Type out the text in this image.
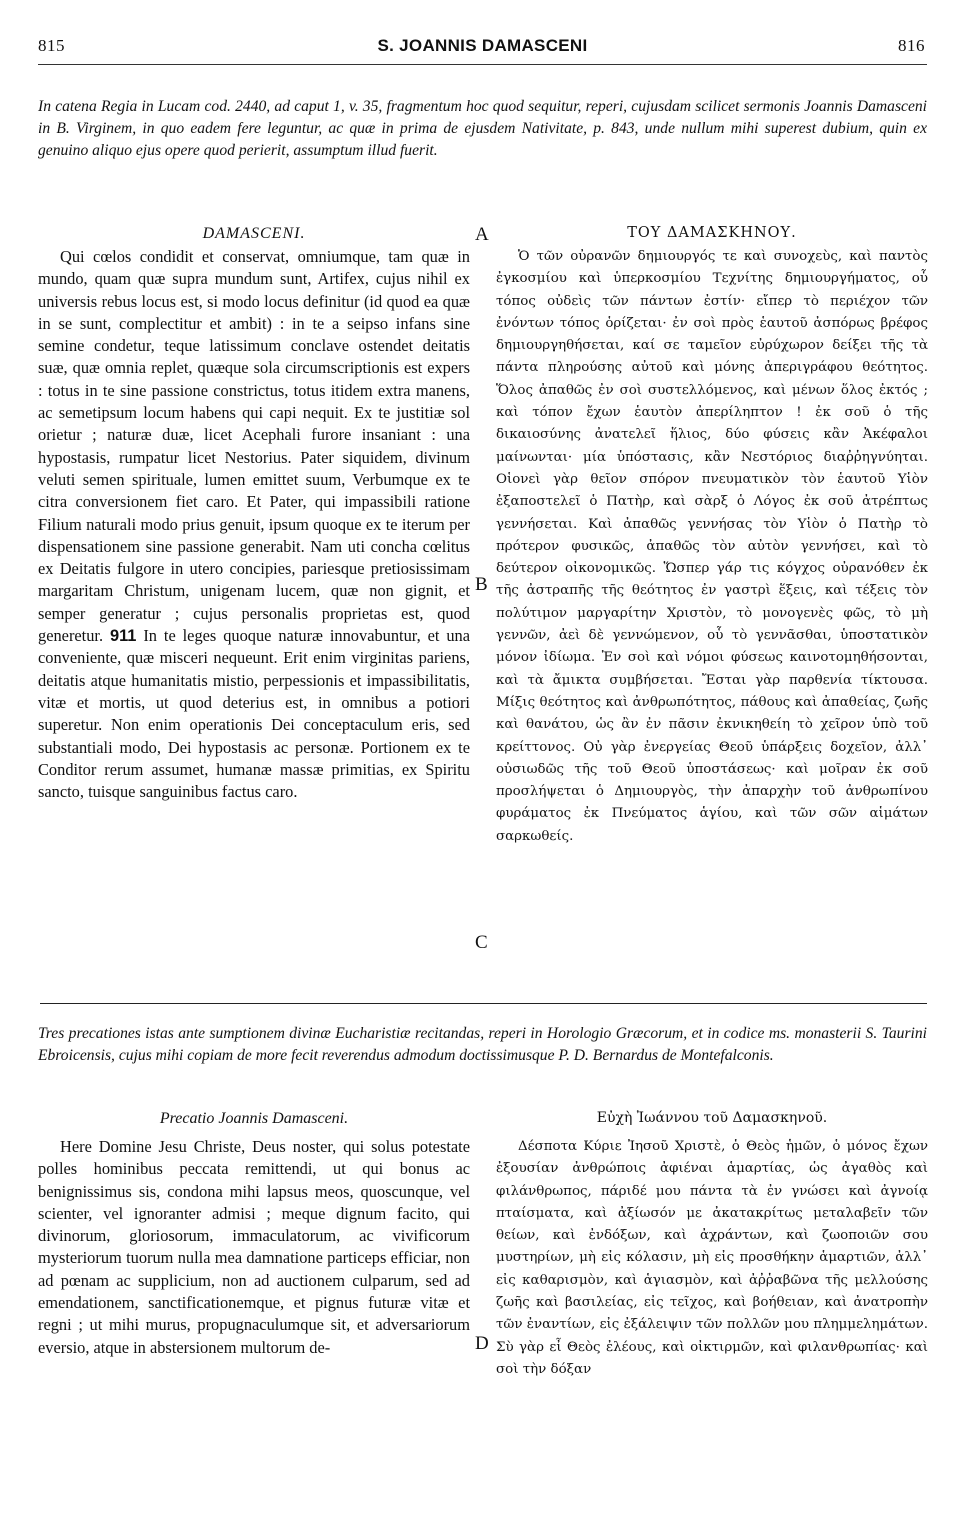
815	S. JOANNIS DAMASCENI	816
In catena Regia in Lucam cod. 2440, ad caput 1, v. 35, fragmentum hoc quod sequitur, reperi, cujusdam scilicet sermonis Joannis Damasceni in B. Virginem, in quo eadem fere leguntur, ac quæ in prima de ejusdem Nativitate, p. 843, unde nullum mihi superest dubium, quin ex genuino aliquo ejus opere quod perierit, assumptum illud fuerit.
DAMASCENI.	ΤΟΥ ΔΑΜΑΣΚΗΝΟΥ.

Qui cœlos condidit et conservat, omniumque, tam quæ in mundo, quam quæ supra mundum sunt, Artifex, cujus nihil ex universis rebus locus est, si modo locus definitur (id quod ea quæ in se sunt, complectitur et ambit) : in te a seipso infans sine semine condetur, teque latissimum conclave ostendet deitatis suæ, quæ omnia replet, quæque sola circumscriptionis est expers : totus in te sine passione constrictus, totus itidem extra manens, ac semetipsum locum habens qui capi nequit. Ex te justitiæ sol orietur ; naturæ duæ, licet Acephali furore insaniant : una hypostasis, rumpatur licet Nestorius. Pater siquidem, divinum veluti semen spirituale, lumen emittet suum, Verbumque ex te citra conversionem fiet caro. Et Pater, qui impassibili ratione Filium naturali modo prius genuit, ipsum quoque ex te iterum per dispensationem sine passione generabit. Nam uti concha cœlitus ex Deitatis fulgore in utero concipies, pariesque pretiosissimam margaritam Christum, unigenam lucem, quæ non gignit, et semper generatur ; cujus personalis proprietas est, quod generetur. 911 In te leges quoque naturæ innovabuntur, et una conveniente, quæ misceri nequeunt. Erit enim virginitas pariens, deitatis atque humanitatis mistio, perpessionis et impassibilitatis, vitæ et mortis, ut quod deterius est, in omnibus a potiori superetur. Non enim operationis Dei conceptaculum eris, sed substantiali modo, Dei hypostasis ac personæ. Portionem ex te Conditor rerum assumet, humanæ massæ primitias, ex Spiritu sancto, tuisque sanguinibus factus caro.

Ὁ τῶν οὐρανῶν δημιουργός τε καὶ συνοχεὺς, καὶ παντὸς ἐγκοσμίου καὶ ὑπερκοσμίου Τεχνίτης δημιουργήματος, οὗ τόπος οὐδεὶς τῶν πάντων ἐστίν· εἴπερ τὸ περιέχον τῶν ἐνόντων τόπος ὁρίζεται· ἐν σοὶ πρὸς ἑαυτοῦ ἀσπόρως βρέφος δημιουργηθήσεται, καί σε ταμεῖον εὐρύχωρον δείξει τῆς τὰ πάντα πληρούσης αὐτοῦ καὶ μόνης ἀπεριγράφου θεότητος. Ὅλος ἀπαθῶς ἐν σοὶ συστελλόμενος, καὶ μένων ὅλος ἐκτός ; καὶ τόπον ἔχων ἑαυτὸν ἀπερίληπτον ! ἐκ σοῦ ὁ τῆς δικαιοσύνης ἀνατελεῖ ἥλιος, δύο φύσεις κἂν Ἀκέφαλοι μαίνωνται· μία ὑπόστασις, κἂν Νεστόριος διαῤῥηγνύηται. Οἱονεὶ γὰρ θεῖον σπόρον πνευματικὸν τὸν ἑαυτοῦ Υἱὸν ἐξαποστελεῖ ὁ Πατὴρ, καὶ σὰρξ ὁ Λόγος ἐκ σοῦ ἀτρέπτως γεννήσεται. Καὶ ἀπαθῶς γεννήσας τὸν Υἱὸν ὁ Πατὴρ τὸ πρότερον φυσικῶς, ἀπαθῶς τὸν αὐτὸν γεννήσει, καὶ τὸ δεύτερον οἰκονομικῶς. Ὥσπερ γάρ τις κόγχος οὐρανόθεν ἐκ τῆς ἀστραπῆς τῆς θεότητος ἐν γαστρὶ ἕξεις, καὶ τέξεις τὸν πολύτιμον μαργαρίτην Χριστὸν, τὸ μονογενὲς φῶς, τὸ μὴ γεννῶν, ἀεὶ δὲ γεννώμενον, οὗ τὸ γεννᾶσθαι, ὑποστατικὸν μόνον ἰδίωμα. Ἐν σοὶ καὶ νόμοι φύσεως καινοτομηθήσονται, καὶ τὰ ἄμικτα συμβήσεται. Ἔσται γὰρ παρθενία τίκτουσα. Μίξις θεότητος καὶ ἀνθρωπότητος, πάθους καὶ ἀπαθείας, ζωῆς καὶ θανάτου, ὡς ἂν ἐν πᾶσιν ἐκνικηθείη τὸ χεῖρον ὑπὸ τοῦ κρείττονος. Οὐ γὰρ ἐνεργείας Θεοῦ ὑπάρξεις δοχεῖον, ἀλλ᾽ οὐσιωδῶς τῆς τοῦ Θεοῦ ὑποστάσεως· καὶ μοῖραν ἐκ σοῦ προσλήψεται ὁ Δημιουργὸς, τὴν ἀπαρχὴν τοῦ ἀνθρωπίνου φυράματος ἐκ Πνεύματος ἁγίου, καὶ τῶν σῶν αἱμάτων σαρκωθείς.

A
B
C
D
Tres precationes istas ante sumptionem divinæ Eucharistiæ recitandas, reperi in Horologio Græcorum, et in codice ms. monasterii S. Taurini Ebroicensis, cujus mihi copiam de more fecit reverendus admodum doctissimusque P. D. Bernardus de Montefalconis.
Precatio Joannis Damasceni.	Εὐχὴ Ἰωάννου τοῦ Δαμασκηνοῦ.

Here Domine Jesu Christe, Deus noster, qui solus potestate polles hominibus peccata remittendi, ut qui bonus ac benignissimus sis, condona mihi lapsus meos, quoscunque, vel scienter, vel ignoranter admisi ; meque dignum facito, qui divinorum, gloriosorum, immaculatorum, ac vivificorum mysteriorum tuorum nulla mea damnatione particeps efficiar, non ad pœnam ac supplicium, non ad auctionem culparum, sed ad emendationem, sanctificationemque, et pignus futuræ vitæ et regni ; ut mihi murus, propugnaculumque sit, et adversariorum eversio, atque in abstersionem multorum de-

Δέσποτα Κύριε Ἰησοῦ Χριστὲ, ὁ Θεὸς ἡμῶν, ὁ μόνος ἔχων ἐξουσίαν ἀνθρώποις ἀφιέναι ἁμαρτίας, ὡς ἀγαθὸς καὶ φιλάνθρωπος, πάριδέ μου πάντα τὰ ἐν γνώσει καὶ ἀγνοίᾳ πταίσματα, καὶ ἀξίωσόν με ἀκατακρίτως μεταλαβεῖν τῶν θείων, καὶ ἐνδόξων, καὶ ἀχράντων, καὶ ζωοποιῶν σου μυστηρίων, μὴ εἰς κόλασιν, μὴ εἰς προσθήκην ἁμαρτιῶν, ἀλλ᾽ εἰς καθαρισμὸν, καὶ ἁγιασμὸν, καὶ ἀῤῥαβῶνα τῆς μελλούσης ζωῆς καὶ βασιλείας, εἰς τεῖχος, καὶ βοήθειαν, καὶ ἀνατροπὴν τῶν ἐναντίων, εἰς ἐξάλειψιν τῶν πολλῶν μου πλημμελημάτων. Σὺ γὰρ εἶ Θεὸς ἐλέους, καὶ οἰκτιρμῶν, καὶ φιλανθρωπίας· καὶ σοὶ τὴν δόξαν
